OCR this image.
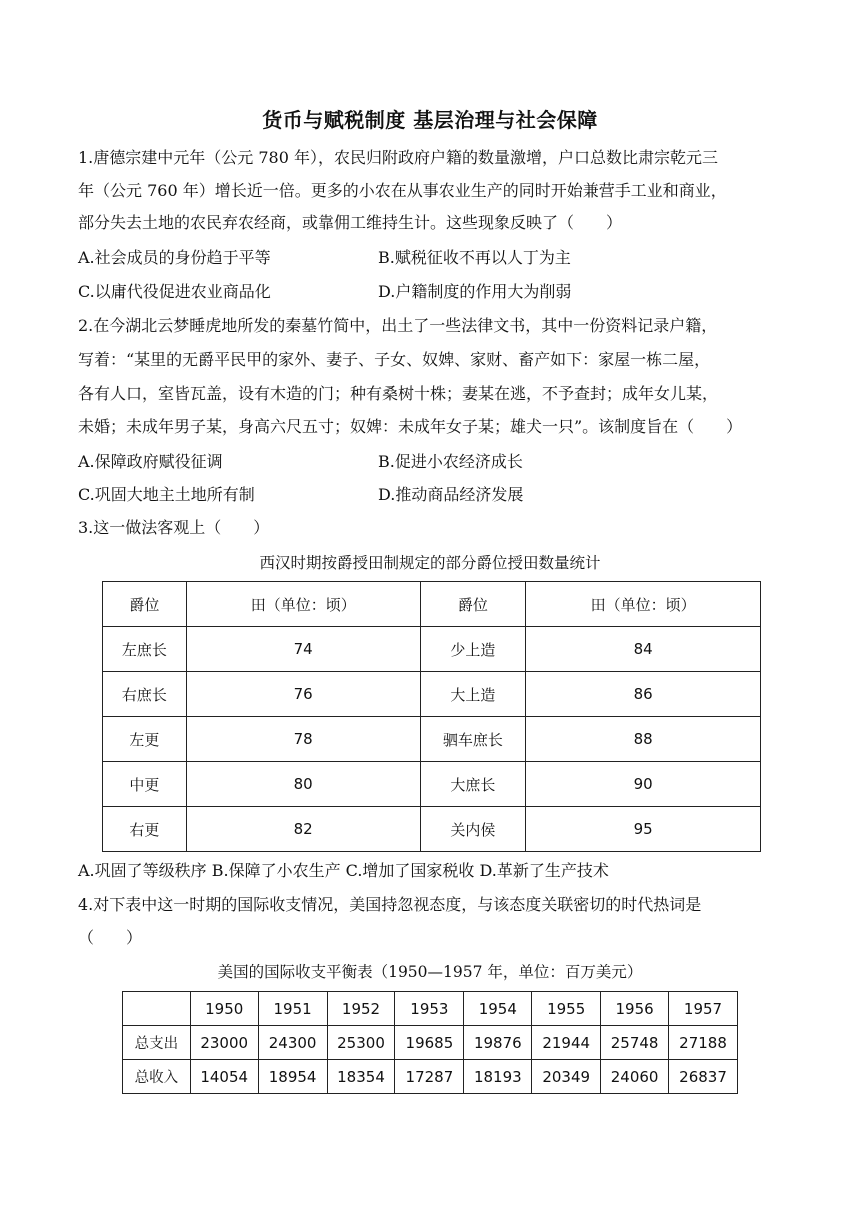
货币与赋税制度 基层治理与社会保障
1.唐德宗建中元年（公元 780 年），农民归附政府户籍的数量激增，户口总数比肃宗乾元三
年（公元 760 年）增长近一倍。更多的小农在从事农业生产的同时开始兼营手工业和商业，
部分失去土地的农民弃农经商，或靠佣工维持生计。这些现象反映了（　　）
A.社会成员的身份趋于平等	B.赋税征收不再以人丁为主
C.以庸代役促进农业商品化	D.户籍制度的作用大为削弱
2.在今湖北云梦睡虎地所发的秦墓竹简中，出土了一些法律文书，其中一份资料记录户籍，
写着：“某里的无爵平民甲的家外、妻子、子女、奴婢、家财、畜产如下：家屋一栋二屋，
各有人口，室皆瓦盖，设有木造的门；种有桑树十株；妻某在逃，不予查封；成年女儿某，
未婚；未成年男子某，身高六尺五寸；奴婢：未成年女子某；雄犬一只”。该制度旨在（　　）
A.保障政府赋役征调	B.促进小农经济成长
C.巩固大地主土地所有制	D.推动商品经济发展
3.这一做法客观上（　　）
西汉时期按爵授田制规定的部分爵位授田数量统计
爵位	田（单位：顷）	爵位	田（单位：顷）
左庶长	74	少上造	84
右庶长	76	大上造	86
左更	78	驷车庶长	88
中更	80	大庶长	90
右更	82	关内侯	95
A.巩固了等级秩序 B.保障了小农生产 C.增加了国家税收 D.革新了生产技术
4.对下表中这一时期的国际收支情况，美国持忽视态度，与该态度关联密切的时代热词是
（　　）
美国的国际收支平衡表（1950—1957 年，单位：百万美元）
	1950	1951	1952	1953	1954	1955	1956	1957
总支出	23000	24300	25300	19685	19876	21944	25748	27188
总收入	14054	18954	18354	17287	18193	20349	24060	26837
